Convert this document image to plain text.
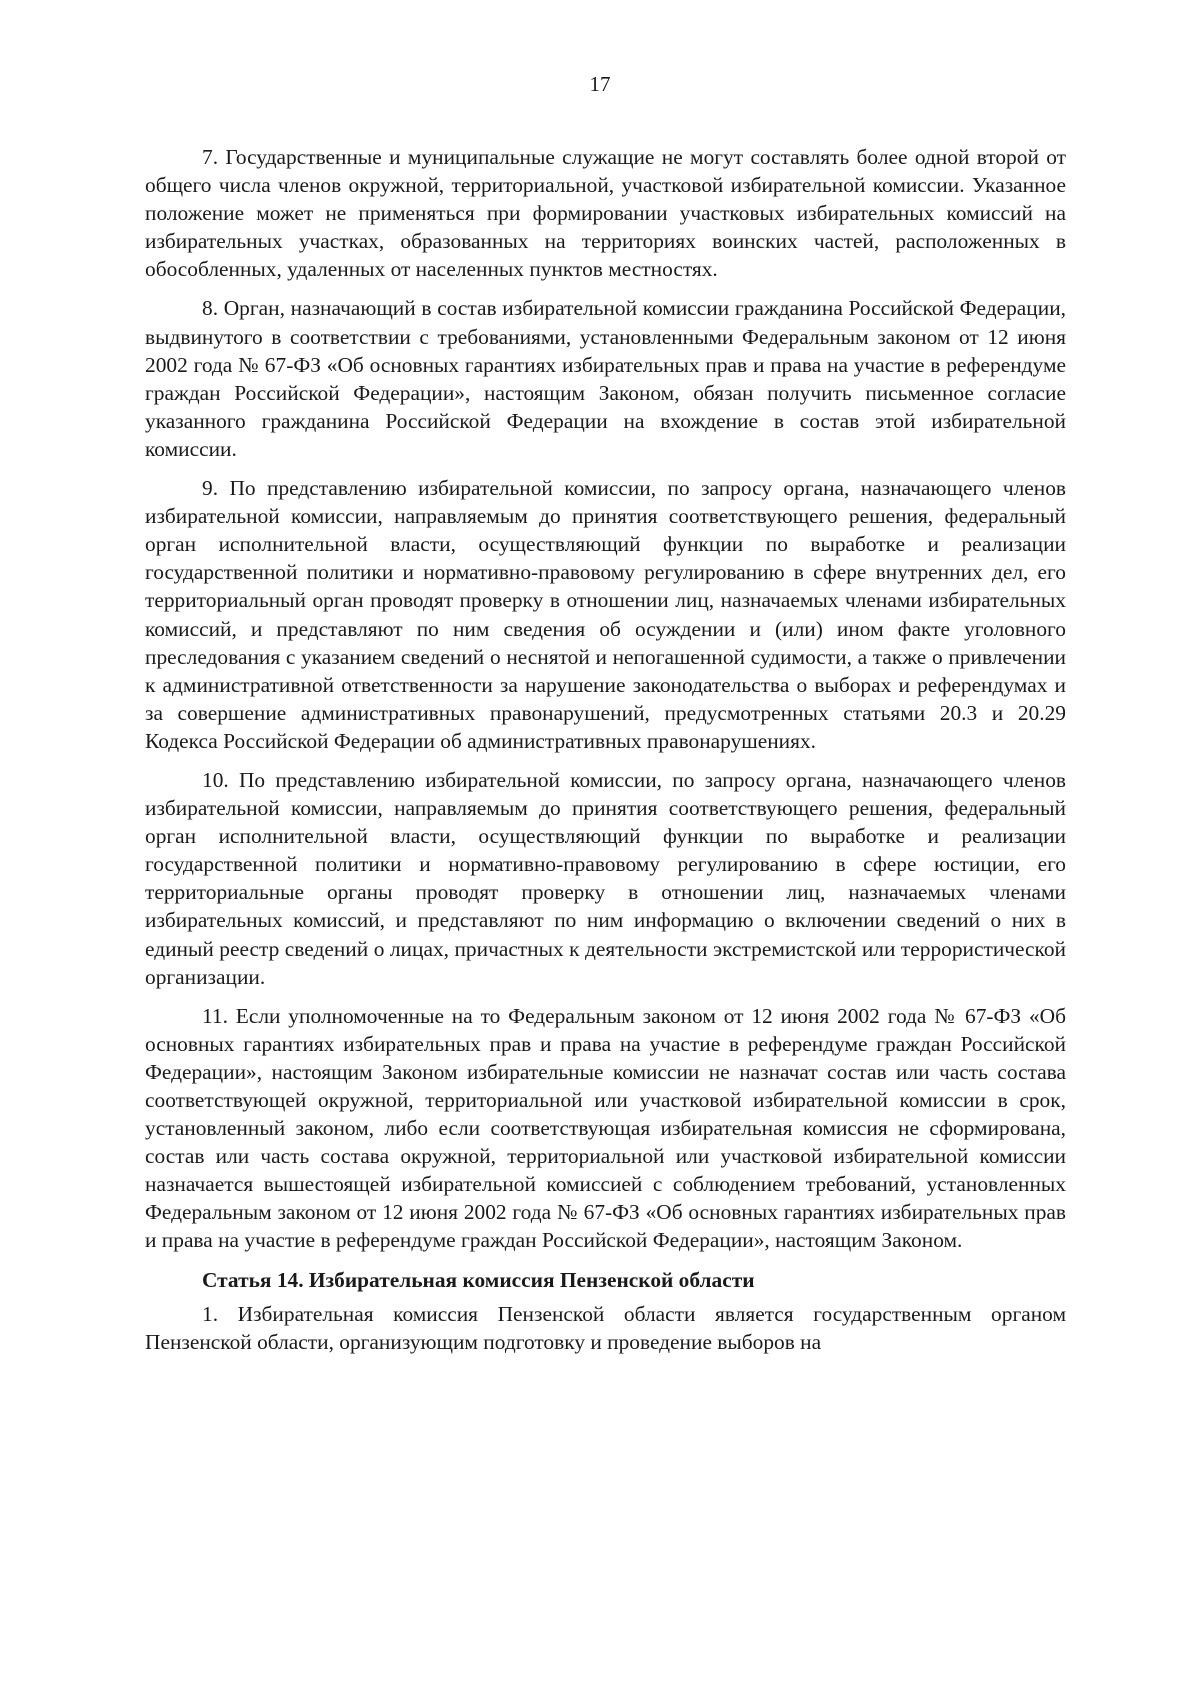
17

7. Государственные и муниципальные служащие не могут составлять более одной второй от общего числа членов окружной, территориальной, участковой избирательной комиссии. Указанное положение может не применяться при формировании участковых избирательных комиссий на избирательных участках, образованных на территориях воинских частей, расположенных в обособленных, удаленных от населенных пунктов местностях.

8. Орган, назначающий в состав избирательной комиссии гражданина Российской Федерации, выдвинутого в соответствии с требованиями, установленными Федеральным законом от 12 июня 2002 года № 67-ФЗ «Об основных гарантиях избирательных прав и права на участие в референдуме граждан Российской Федерации», настоящим Законом, обязан получить письменное согласие указанного гражданина Российской Федерации на вхождение в состав этой избирательной комиссии.

9. По представлению избирательной комиссии, по запросу органа, назначающего членов избирательной комиссии, направляемым до принятия соответствующего решения, федеральный орган исполнительной власти, осуществляющий функции по выработке и реализации государственной политики и нормативно-правовому регулированию в сфере внутренних дел, его территориальный орган проводят проверку в отношении лиц, назначаемых членами избирательных комиссий, и представляют по ним сведения об осуждении и (или) ином факте уголовного преследования с указанием сведений о неснятой и непогашенной судимости, а также о привлечении к административной ответственности за нарушение законодательства о выборах и референдумах и за совершение административных правонарушений, предусмотренных статьями 20.3 и 20.29 Кодекса Российской Федерации об административных правонарушениях.

10. По представлению избирательной комиссии, по запросу органа, назначающего членов избирательной комиссии, направляемым до принятия соответствующего решения, федеральный орган исполнительной власти, осуществляющий функции по выработке и реализации государственной политики и нормативно-правовому регулированию в сфере юстиции, его территориальные органы проводят проверку в отношении лиц, назначаемых членами избирательных комиссий, и представляют по ним информацию о включении сведений о них в единый реестр сведений о лицах, причастных к деятельности экстремистской или террористической организации.

11. Если уполномоченные на то Федеральным законом от 12 июня 2002 года № 67-ФЗ «Об основных гарантиях избирательных прав и права на участие в референдуме граждан Российской Федерации», настоящим Законом избирательные комиссии не назначат состав или часть состава соответствующей окружной, территориальной или участковой избирательной комиссии в срок, установленный законом, либо если соответствующая избирательная комиссия не сформирована, состав или часть состава окружной, территориальной или участковой избирательной комиссии назначается вышестоящей избирательной комиссией с соблюдением требований, установленных Федеральным законом от 12 июня 2002 года № 67-ФЗ «Об основных гарантиях избирательных прав и права на участие в референдуме граждан Российской Федерации», настоящим Законом.

Статья 14. Избирательная комиссия Пензенской области

1. Избирательная комиссия Пензенской области является государственным органом Пензенской области, организующим подготовку и проведение выборов на
